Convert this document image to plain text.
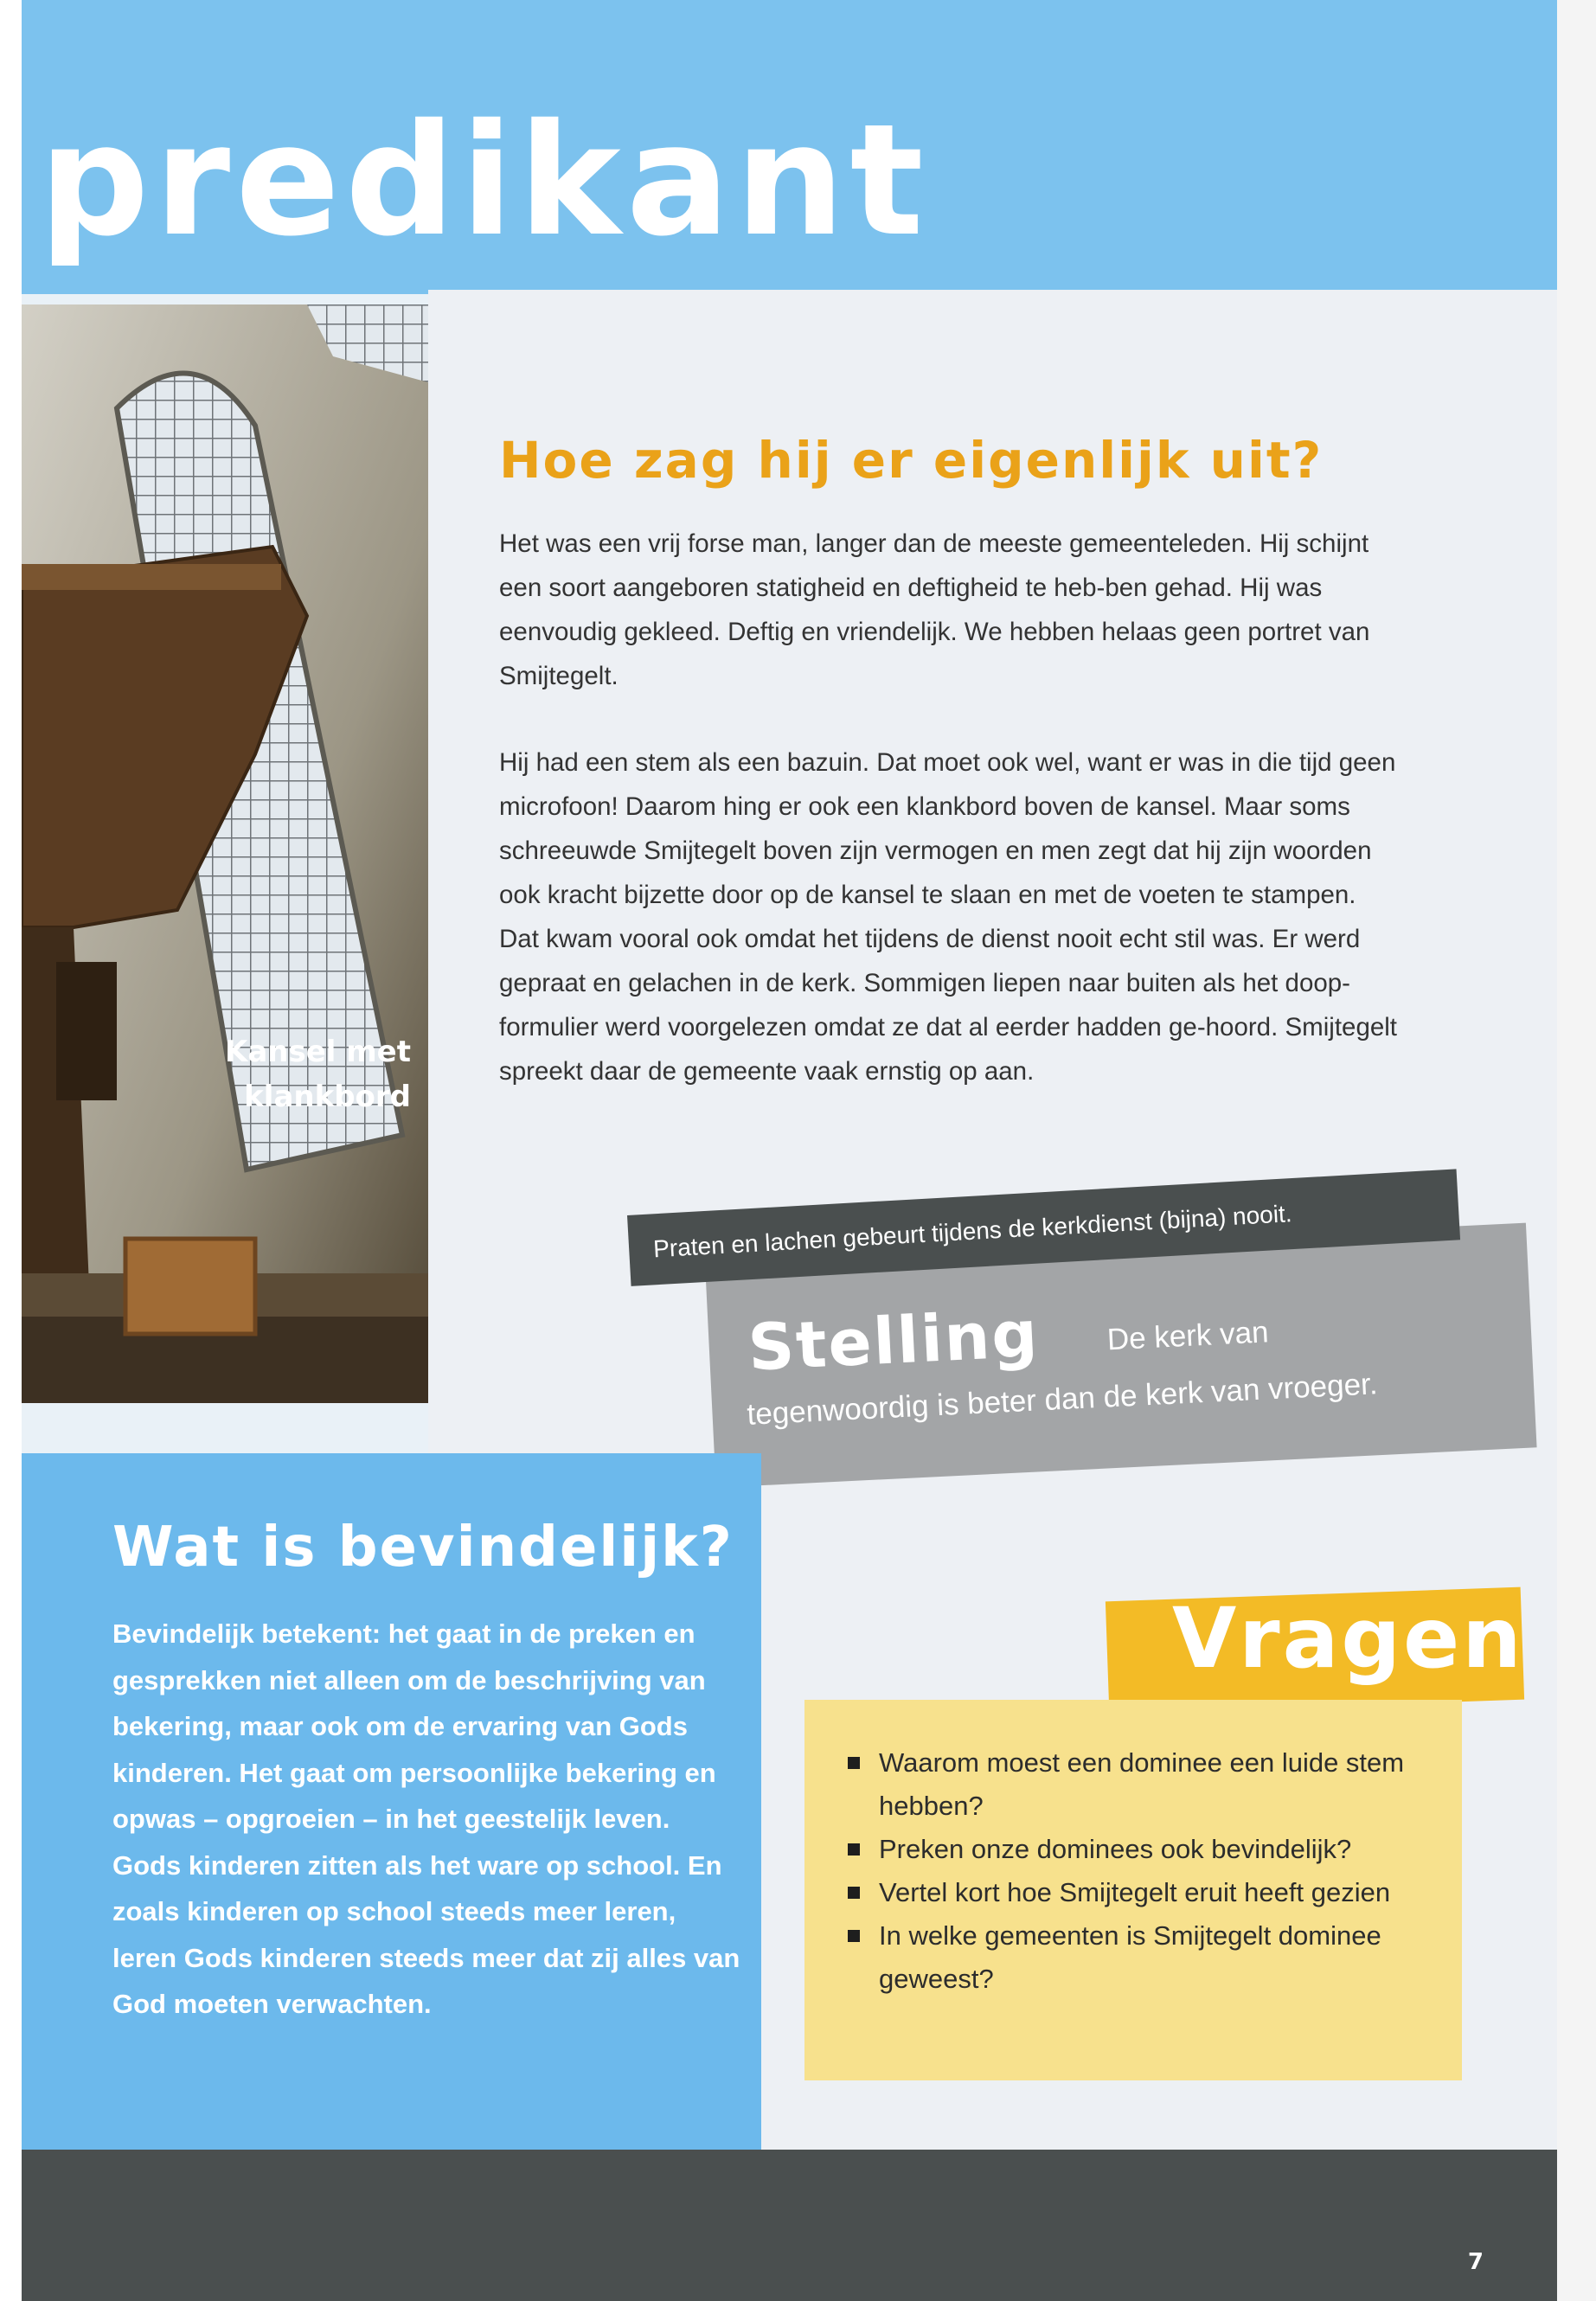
predikant
Kansel met
klankbord
Hoe zag hij er eigenlijk uit?

Het was een vrij forse man, langer dan de meeste gemeenteleden. Hij schijnt een soort aangeboren statigheid en deftigheid te heb-ben gehad. Hij was eenvoudig gekleed. Deftig en vriendelijk. We hebben helaas geen portret van Smijtegelt.

Hij had een stem als een bazuin. Dat moet ook wel, want er was in die tijd geen microfoon! Daarom hing er ook een klankbord boven de kansel. Maar soms schreeuwde Smijtegelt boven zijn vermogen en men zegt dat hij zijn woorden ook kracht bijzette door op de kansel te slaan en met de voeten te stampen. Dat kwam vooral ook omdat het tijdens de dienst nooit echt stil was. Er werd gepraat en gelachen in de kerk. Sommigen liepen naar buiten als het doop-formulier werd voorgelezen omdat ze dat al eerder hadden ge-hoord. Smijtegelt spreekt daar de gemeente vaak ernstig op aan.

Stelling De kerk van
tegenwoordig is beter dan de kerk van vroeger.
Praten en lachen gebeurt tijdens de kerkdienst (bijna) nooit.
Wat is bevindelijk?

Bevindelijk betekent: het gaat in de preken en gesprekken niet alleen om de beschrijving van bekering, maar ook om de ervaring van Gods kinderen. Het gaat om persoonlijke bekering en opwas – opgroeien – in het geestelijk leven. Gods kinderen zitten als het ware op school. En zoals kinderen op school steeds meer leren, leren Gods kinderen steeds meer dat zij alles van God moeten verwachten.

Vragen
Waarom moest een dominee een luide stem hebben?
Preken onze dominees ook bevindelijk?
Vertel kort hoe Smijtegelt eruit heeft gezien
In welke gemeenten is Smijtegelt dominee geweest?
7
